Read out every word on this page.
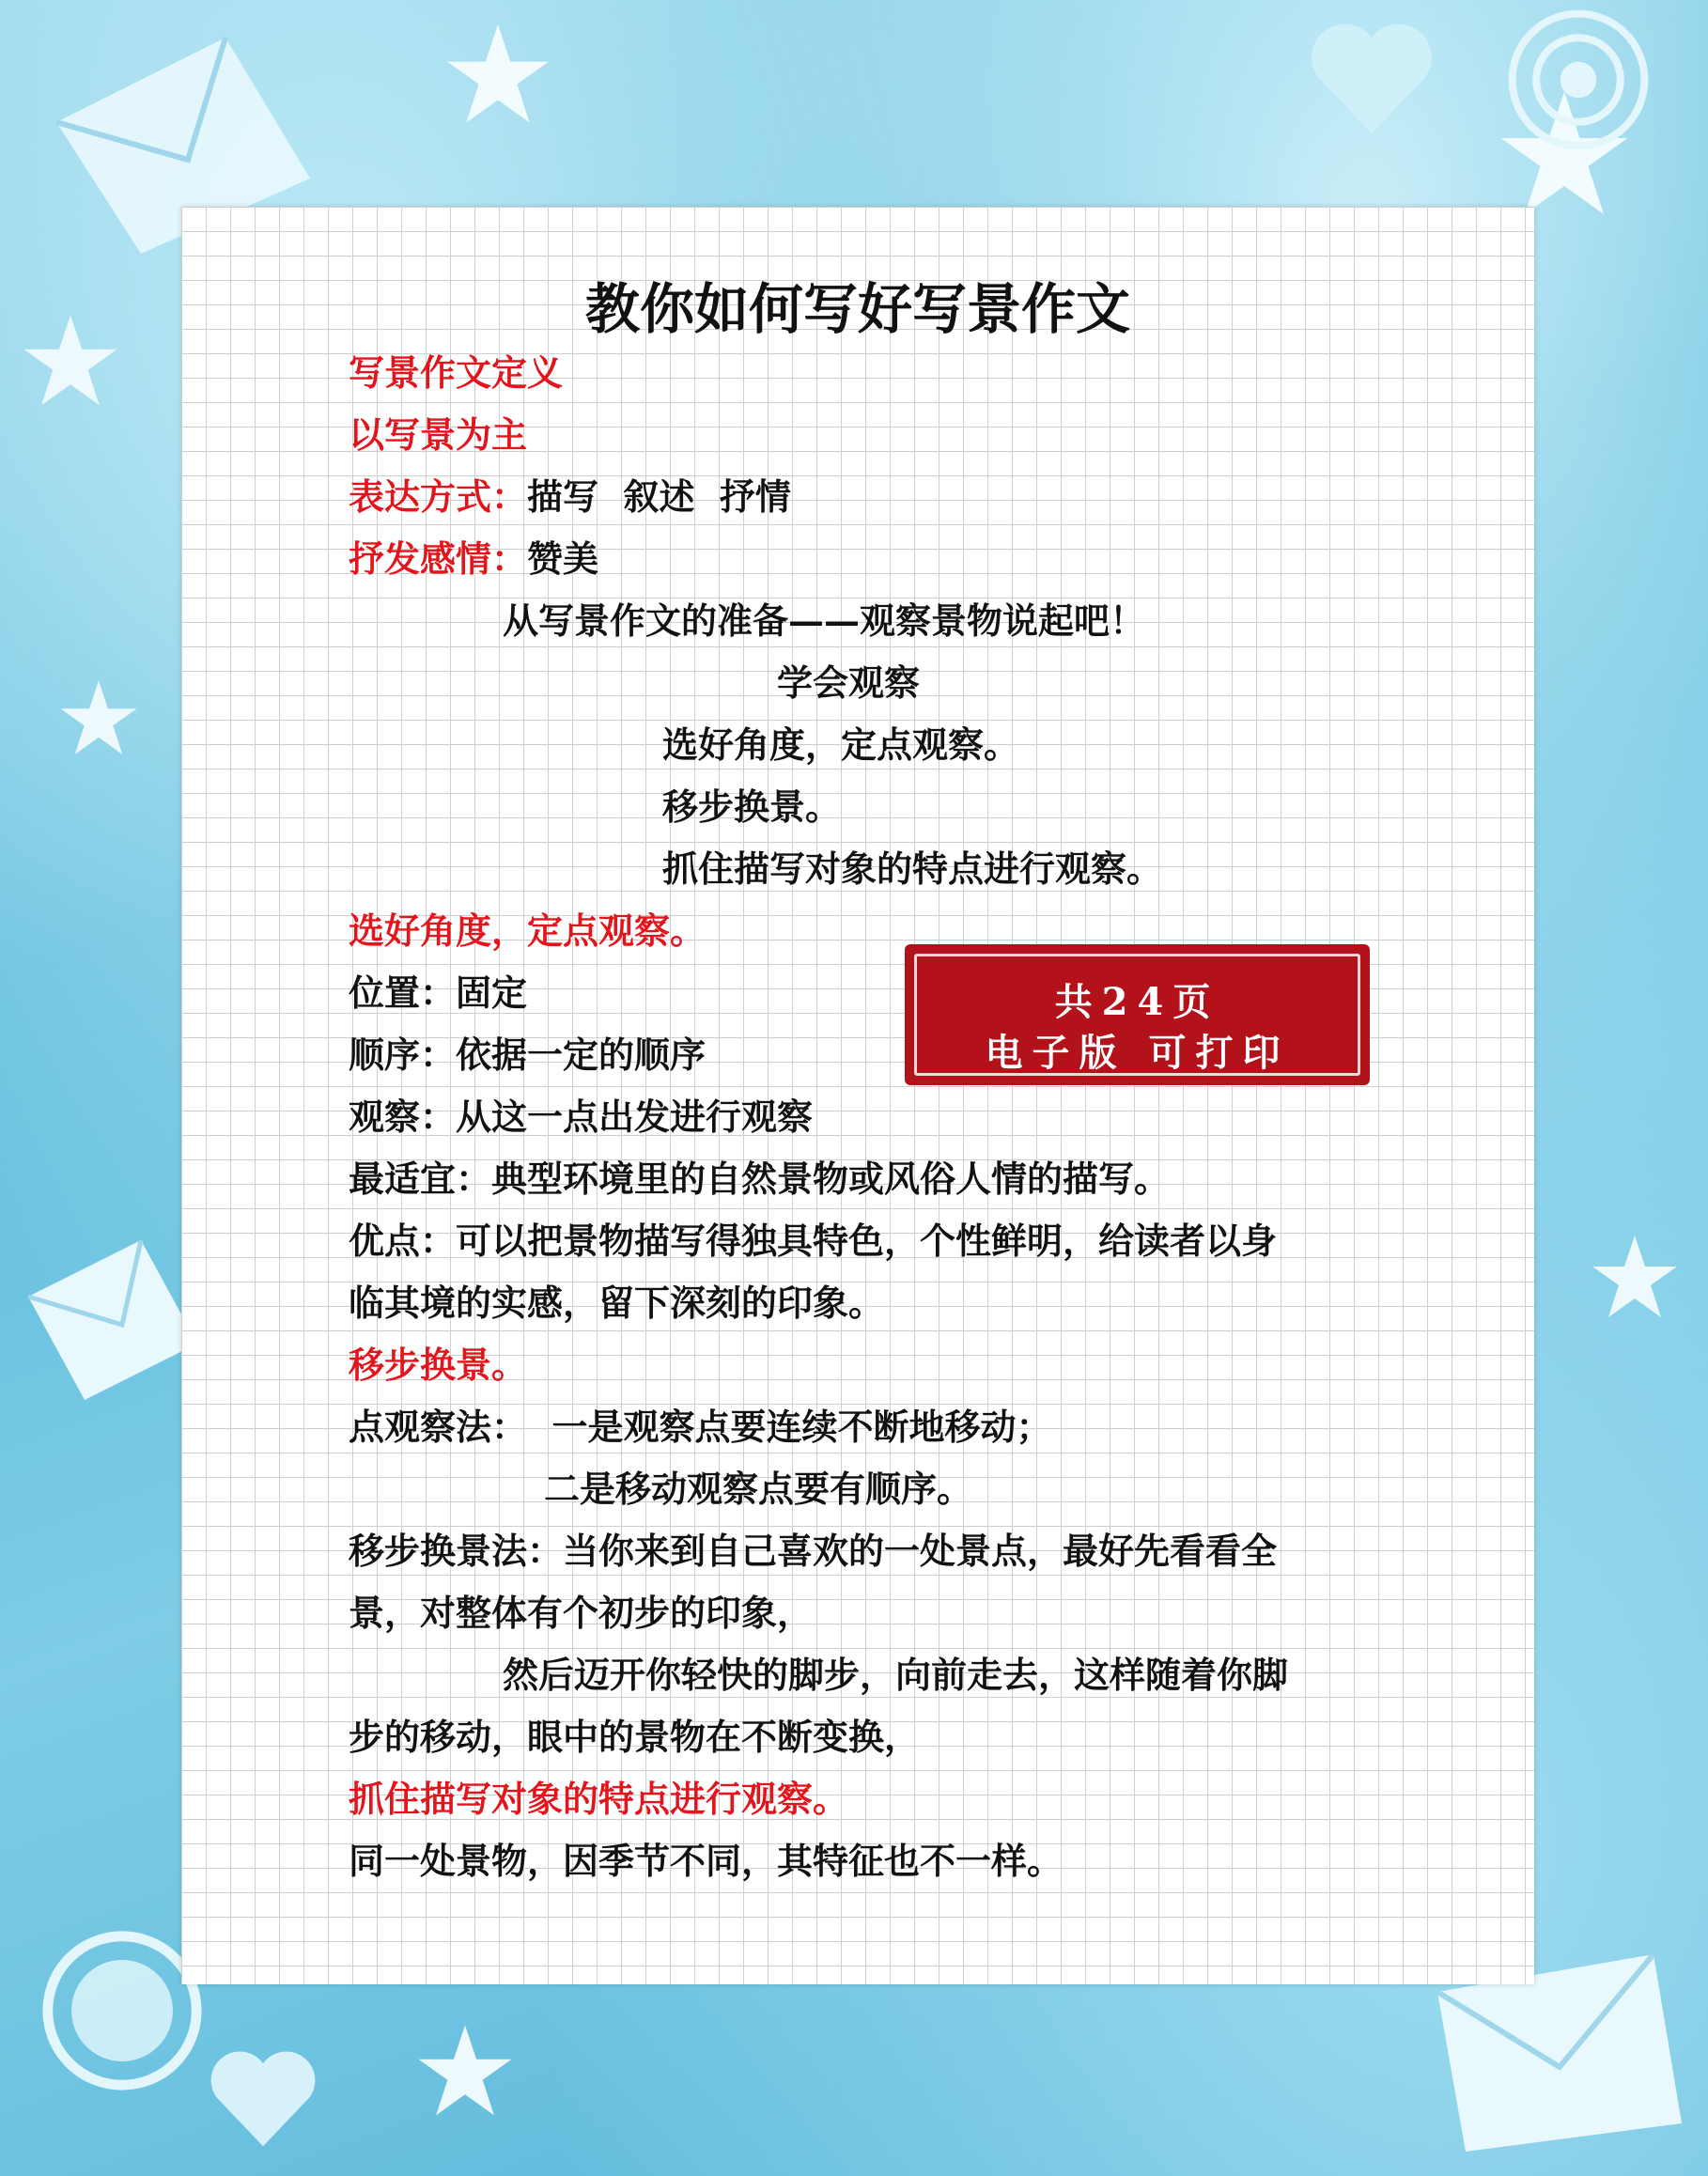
教你如何写好写景作文
写景作文定义
以写景为主
表达方式：描写  叙述  抒情
抒发感情：赞美
从写景作文的准备——观察景物说起吧！
学会观察
选好角度，定点观察。
移步换景。
抓住描写对象的特点进行观察。
选好角度，定点观察。
位置：固定
顺序：依据一定的顺序
观察：从这一点出发进行观察
最适宜：典型环境里的自然景物或风俗人情的描写。
优点：可以把景物描写得独具特色，个性鲜明，给读者以身
临其境的实感，留下深刻的印象。
移步换景。
点观察法：  一是观察点要连续不断地移动；
二是移动观察点要有顺序。
移步换景法：当你来到自己喜欢的一处景点，最好先看看全
景，对整体有个初步的印象，
然后迈开你轻快的脚步，向前走去，这样随着你脚
步的移动，眼中的景物在不断变换，
抓住描写对象的特点进行观察。
同一处景物，因季节不同，其特征也不一样。
共24页
电子版 可打印
